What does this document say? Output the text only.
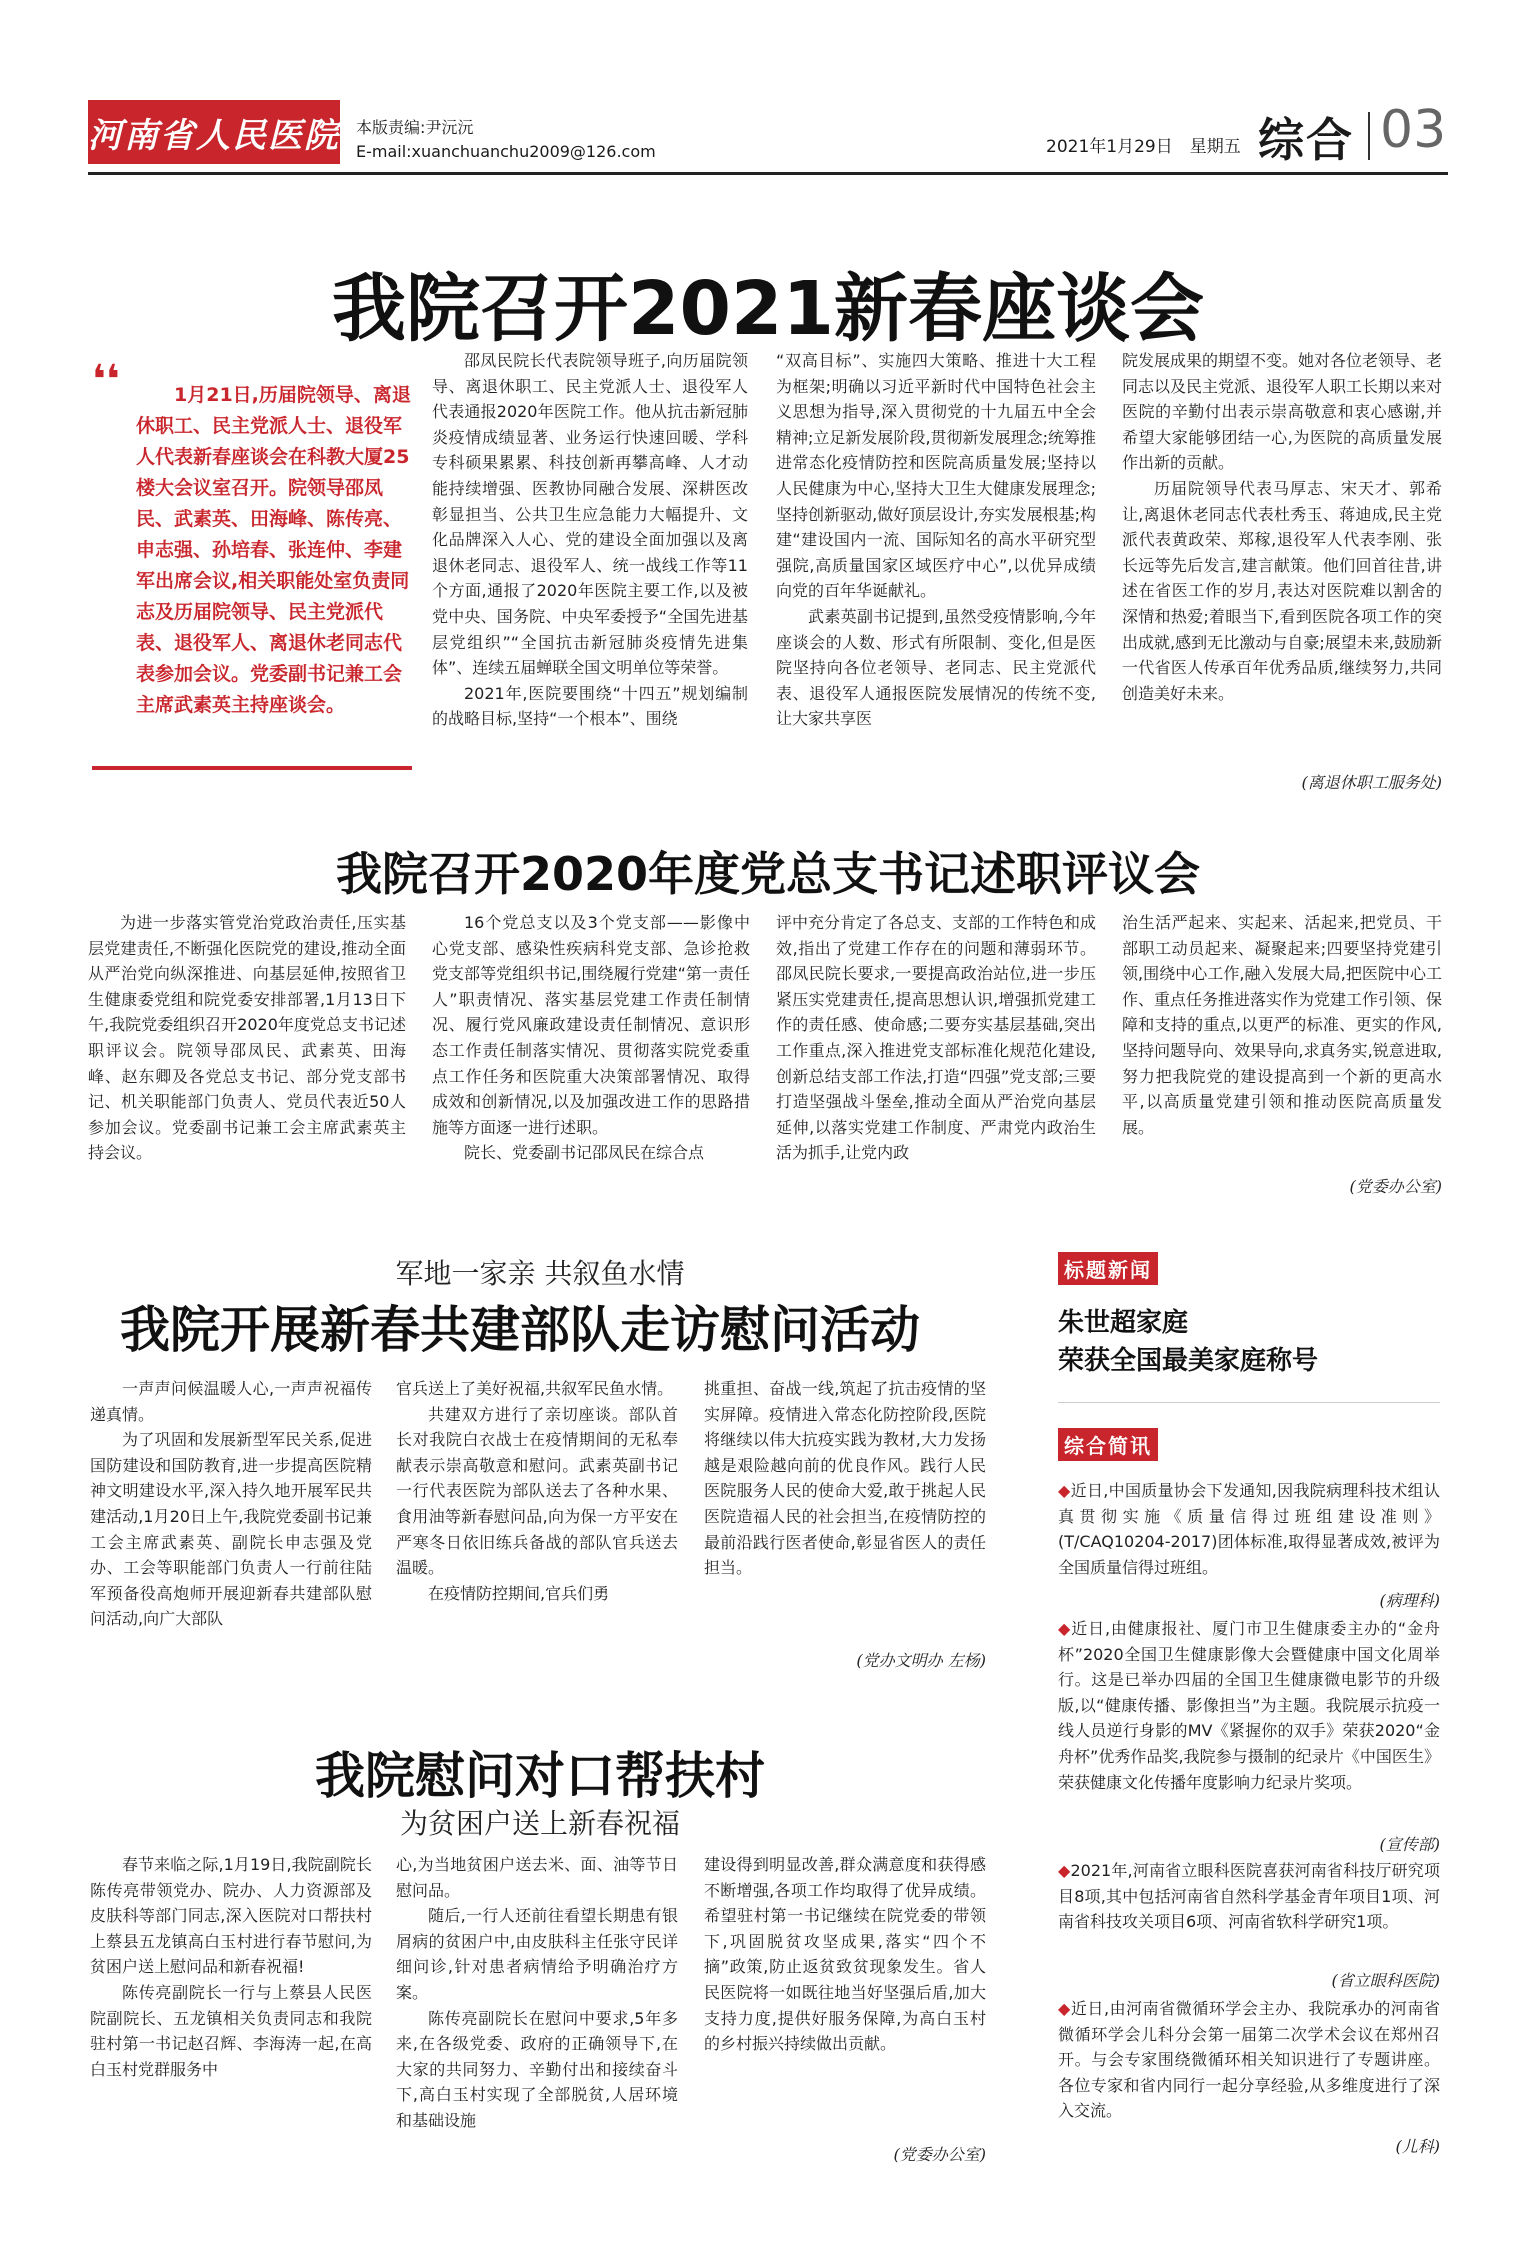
河南省人民医院 本版责编:尹沅沅
E-mail:xuanchuanchu2009@126.com	2021年1月29日　星期五 综合 03
我院召开2021新春座谈会
❛❛	1月21日,历届院领导、离退休职工、民主党派人士、退役军人代表新春座谈会在科教大厦25楼大会议室召开。院领导邵凤民、武素英、田海峰、陈传亮、申志强、孙培春、张连仲、李建军出席会议,相关职能处室负责同志及历届院领导、民主党派代表、退役军人、离退休老同志代表参加会议。党委副书记兼工会主席武素英主持座谈会。

邵凤民院长代表院领导班子,向历届院领导、离退休职工、民主党派人士、退役军人代表通报2020年医院工作。他从抗击新冠肺炎疫情成绩显著、业务运行快速回暖、学科专科硕果累累、科技创新再攀高峰、人才动能持续增强、医教协同融合发展、深耕医改彰显担当、公共卫生应急能力大幅提升、文化品牌深入人心、党的建设全面加强以及离退休老同志、退役军人、统一战线工作等11个方面,通报了2020年医院主要工作,以及被党中央、国务院、中央军委授予“全国先进基层党组织”“全国抗击新冠肺炎疫情先进集体”、连续五届蝉联全国文明单位等荣誉。

2021年,医院要围绕“十四五”规划编制的战略目标,坚持“一个根本”、围绕

“双高目标”、实施四大策略、推进十大工程为框架;明确以习近平新时代中国特色社会主义思想为指导,深入贯彻党的十九届五中全会精神;立足新发展阶段,贯彻新发展理念;统筹推进常态化疫情防控和医院高质量发展;坚持以人民健康为中心,坚持大卫生大健康发展理念;坚持创新驱动,做好顶层设计,夯实发展根基;构建“建设国内一流、国际知名的高水平研究型强院,高质量国家区域医疗中心”,以优异成绩向党的百年华诞献礼。

武素英副书记提到,虽然受疫情影响,今年座谈会的人数、形式有所限制、变化,但是医院坚持向各位老领导、老同志、民主党派代表、退役军人通报医院发展情况的传统不变,让大家共享医

院发展成果的期望不变。她对各位老领导、老同志以及民主党派、退役军人职工长期以来对医院的辛勤付出表示崇高敬意和衷心感谢,并希望大家能够团结一心,为医院的高质量发展作出新的贡献。

历届院领导代表马厚志、宋天才、郭希让,离退休老同志代表杜秀玉、蒋迪成,民主党派代表黄政荣、郑稼,退役军人代表李刚、张长远等先后发言,建言献策。他们回首往昔,讲述在省医工作的岁月,表达对医院难以割舍的深情和热爱;着眼当下,看到医院各项工作的突出成就,感到无比激动与自豪;展望未来,鼓励新一代省医人传承百年优秀品质,继续努力,共同创造美好未来。

(离退休职工服务处)
我院召开2020年度党总支书记述职评议会

为进一步落实管党治党政治责任,压实基层党建责任,不断强化医院党的建设,推动全面从严治党向纵深推进、向基层延伸,按照省卫生健康委党组和院党委安排部署,1月13日下午,我院党委组织召开2020年度党总支书记述职评议会。院领导邵凤民、武素英、田海峰、赵东卿及各党总支书记、部分党支部书记、机关职能部门负责人、党员代表近50人参加会议。党委副书记兼工会主席武素英主持会议。

16个党总支以及3个党支部——影像中心党支部、感染性疾病科党支部、急诊抢救党支部等党组织书记,围绕履行党建“第一责任人”职责情况、落实基层党建工作责任制情况、履行党风廉政建设责任制情况、意识形态工作责任制落实情况、贯彻落实院党委重点工作任务和医院重大决策部署情况、取得成效和创新情况,以及加强改进工作的思路措施等方面逐一进行述职。

院长、党委副书记邵凤民在综合点

评中充分肯定了各总支、支部的工作特色和成效,指出了党建工作存在的问题和薄弱环节。邵凤民院长要求,一要提高政治站位,进一步压紧压实党建责任,提高思想认识,增强抓党建工作的责任感、使命感;二要夯实基层基础,突出工作重点,深入推进党支部标准化规范化建设,创新总结支部工作法,打造“四强”党支部;三要打造坚强战斗堡垒,推动全面从严治党向基层延伸,以落实党建工作制度、严肃党内政治生活为抓手,让党内政

治生活严起来、实起来、活起来,把党员、干部职工动员起来、凝聚起来;四要坚持党建引领,围绕中心工作,融入发展大局,把医院中心工作、重点任务推进落实作为党建工作引领、保障和支持的重点,以更严的标准、更实的作风,坚持问题导向、效果导向,求真务实,锐意进取,努力把我院党的建设提高到一个新的更高水平,以高质量党建引领和推动医院高质量发展。

(党委办公室)
军地一家亲 共叙鱼水情
我院开展新春共建部队走访慰问活动

一声声问候温暖人心,一声声祝福传递真情。

为了巩固和发展新型军民关系,促进国防建设和国防教育,进一步提高医院精神文明建设水平,深入持久地开展军民共建活动,1月20日上午,我院党委副书记兼工会主席武素英、副院长申志强及党办、工会等职能部门负责人一行前往陆军预备役高炮师开展迎新春共建部队慰问活动,向广大部队

官兵送上了美好祝福,共叙军民鱼水情。

共建双方进行了亲切座谈。部队首长对我院白衣战士在疫情期间的无私奉献表示崇高敬意和慰问。武素英副书记一行代表医院为部队送去了各种水果、食用油等新春慰问品,向为保一方平安在严寒冬日依旧练兵备战的部队官兵送去温暖。

在疫情防控期间,官兵们勇

挑重担、奋战一线,筑起了抗击疫情的坚实屏障。疫情进入常态化防控阶段,医院将继续以伟大抗疫实践为教材,大力发扬越是艰险越向前的优良作风。践行人民医院服务人民的使命大爱,敢于挑起人民医院造福人民的社会担当,在疫情防控的最前沿践行医者使命,彰显省医人的责任担当。

(党办文明办 左杨)
我院慰问对口帮扶村
为贫困户送上新春祝福

春节来临之际,1月19日,我院副院长陈传亮带领党办、院办、人力资源部及皮肤科等部门同志,深入医院对口帮扶村上蔡县五龙镇高白玉村进行春节慰问,为贫困户送上慰问品和新春祝福!

陈传亮副院长一行与上蔡县人民医院副院长、五龙镇相关负责同志和我院驻村第一书记赵召辉、李海涛一起,在高白玉村党群服务中

心,为当地贫困户送去米、面、油等节日慰问品。

随后,一行人还前往看望长期患有银屑病的贫困户中,由皮肤科主任张守民详细问诊,针对患者病情给予明确治疗方案。

陈传亮副院长在慰问中要求,5年多来,在各级党委、政府的正确领导下,在大家的共同努力、辛勤付出和接续奋斗下,高白玉村实现了全部脱贫,人居环境和基础设施

建设得到明显改善,群众满意度和获得感不断增强,各项工作均取得了优异成绩。希望驻村第一书记继续在院党委的带领下,巩固脱贫攻坚成果,落实“四个不摘”政策,防止返贫致贫现象发生。省人民医院将一如既往地当好坚强后盾,加大支持力度,提供好服务保障,为高白玉村的乡村振兴持续做出贡献。

(党委办公室)
标题新闻
朱世超家庭
荣获全国最美家庭称号
综合简讯

◆近日,中国质量协会下发通知,因我院病理科技术组认真贯彻实施《质量信得过班组建设准则》(T/CAQ10204-2017)团体标准,取得显著成效,被评为全国质量信得过班组。

(病理科)

◆近日,由健康报社、厦门市卫生健康委主办的“金舟杯”2020全国卫生健康影像大会暨健康中国文化周举行。这是已举办四届的全国卫生健康微电影节的升级版,以“健康传播、影像担当”为主题。我院展示抗疫一线人员逆行身影的MV《紧握你的双手》荣获2020“金舟杯”优秀作品奖,我院参与摄制的纪录片《中国医生》荣获健康文化传播年度影响力纪录片奖项。

(宣传部)

◆2021年,河南省立眼科医院喜获河南省科技厅研究项目8项,其中包括河南省自然科学基金青年项目1项、河南省科技攻关项目6项、河南省软科学研究1项。

(省立眼科医院)

◆近日,由河南省微循环学会主办、我院承办的河南省微循环学会儿科分会第一届第二次学术会议在郑州召开。与会专家围绕微循环相关知识进行了专题讲座。各位专家和省内同行一起分享经验,从多维度进行了深入交流。

(儿科)
